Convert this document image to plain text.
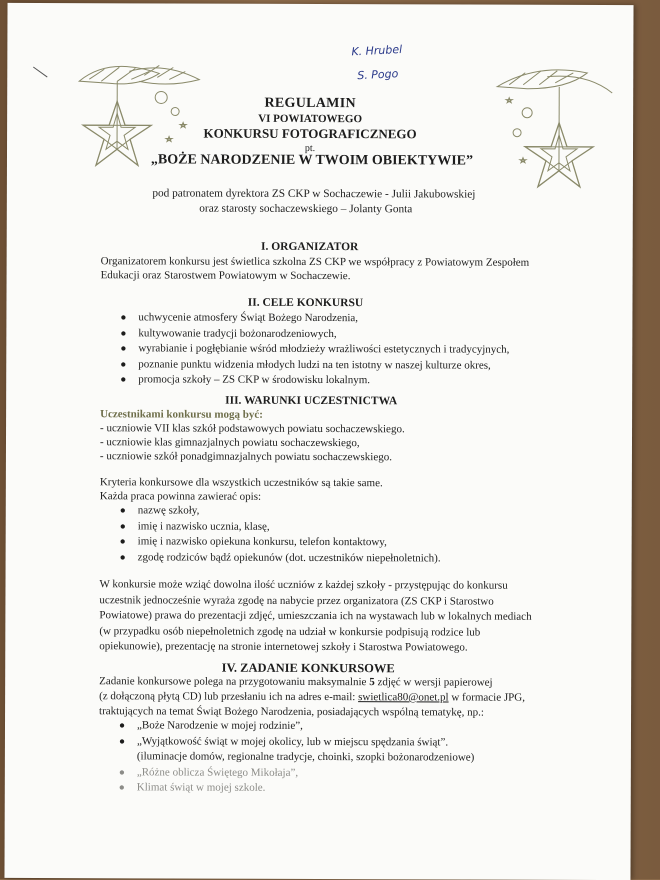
K. Hrubel
S. Pogo
REGULAMIN
VI POWIATOWEGO
KONKURSU FOTOGRAFICZNEGO
pt.
„BOŻE NARODZENIE W TWOIM OBIEKTYWIE”
pod patronatem dyrektora ZS CKP w Sochaczewie - Julii Jakubowskiej
oraz starosty sochaczewskiego – Jolanty Gonta
I. ORGANIZATOR
Organizatorem konkursu jest świetlica szkolna ZS CKP we współpracy z Powiatowym Zespołem
Edukacji oraz Starostwem Powiatowym w Sochaczewie.
II. CELE KONKURSU
● uchwycenie atmosfery Świąt Bożego Narodzenia,
● kultywowanie tradycji bożonarodzeniowych,
● wyrabianie i pogłębianie wśród młodzieży wrażliwości estetycznych i tradycyjnych,
● poznanie punktu widzenia młodych ludzi na ten istotny w naszej kulturze okres,
● promocja szkoły – ZS CKP w środowisku lokalnym.
III. WARUNKI UCZESTNICTWA
Uczestnikami konkursu mogą być:
- uczniowie VII klas szkół podstawowych powiatu sochaczewskiego.
- uczniowie klas gimnazjalnych powiatu sochaczewskiego,
- uczniowie szkół ponadgimnazjalnych powiatu sochaczewskiego.
Kryteria konkursowe dla wszystkich uczestników są takie same.
Każda praca powinna zawierać opis:
● nazwę szkoły,
● imię i nazwisko ucznia, klasę,
● imię i nazwisko opiekuna konkursu, telefon kontaktowy,
● zgodę rodziców bądź opiekunów (dot. uczestników niepełnoletnich).
W konkursie może wziąć dowolna ilość uczniów z każdej szkoły - przystępując do konkursu
uczestnik jednocześnie wyraża zgodę na nabycie przez organizatora (ZS CKP i Starostwo
Powiatowe) prawa do prezentacji zdjęć, umieszczania ich na wystawach lub w lokalnych mediach
(w przypadku osób niepełnoletnich zgodę na udział w konkursie podpisują rodzice lub
opiekunowie), prezentację na stronie internetowej szkoły i Starostwa Powiatowego.
IV. ZADANIE KONKURSOWE
Zadanie konkursowe polega na przygotowaniu maksymalnie 5 zdjęć w wersji papierowej
(z dołączoną płytą CD) lub przesłaniu ich na adres e-mail: swietlica80@onet.pl w formacie JPG,
traktujących na temat Świąt Bożego Narodzenia, posiadających wspólną tematykę, np.:
● „Boże Narodzenie w mojej rodzinie”,
● „Wyjątkowość świąt w mojej okolicy, lub w miejscu spędzania świąt”.
(iluminacje domów, regionalne tradycje, choinki, szopki bożonarodzeniowe)
● „Różne oblicza Świętego Mikołaja”,
● Klimat świąt w mojej szkole.
